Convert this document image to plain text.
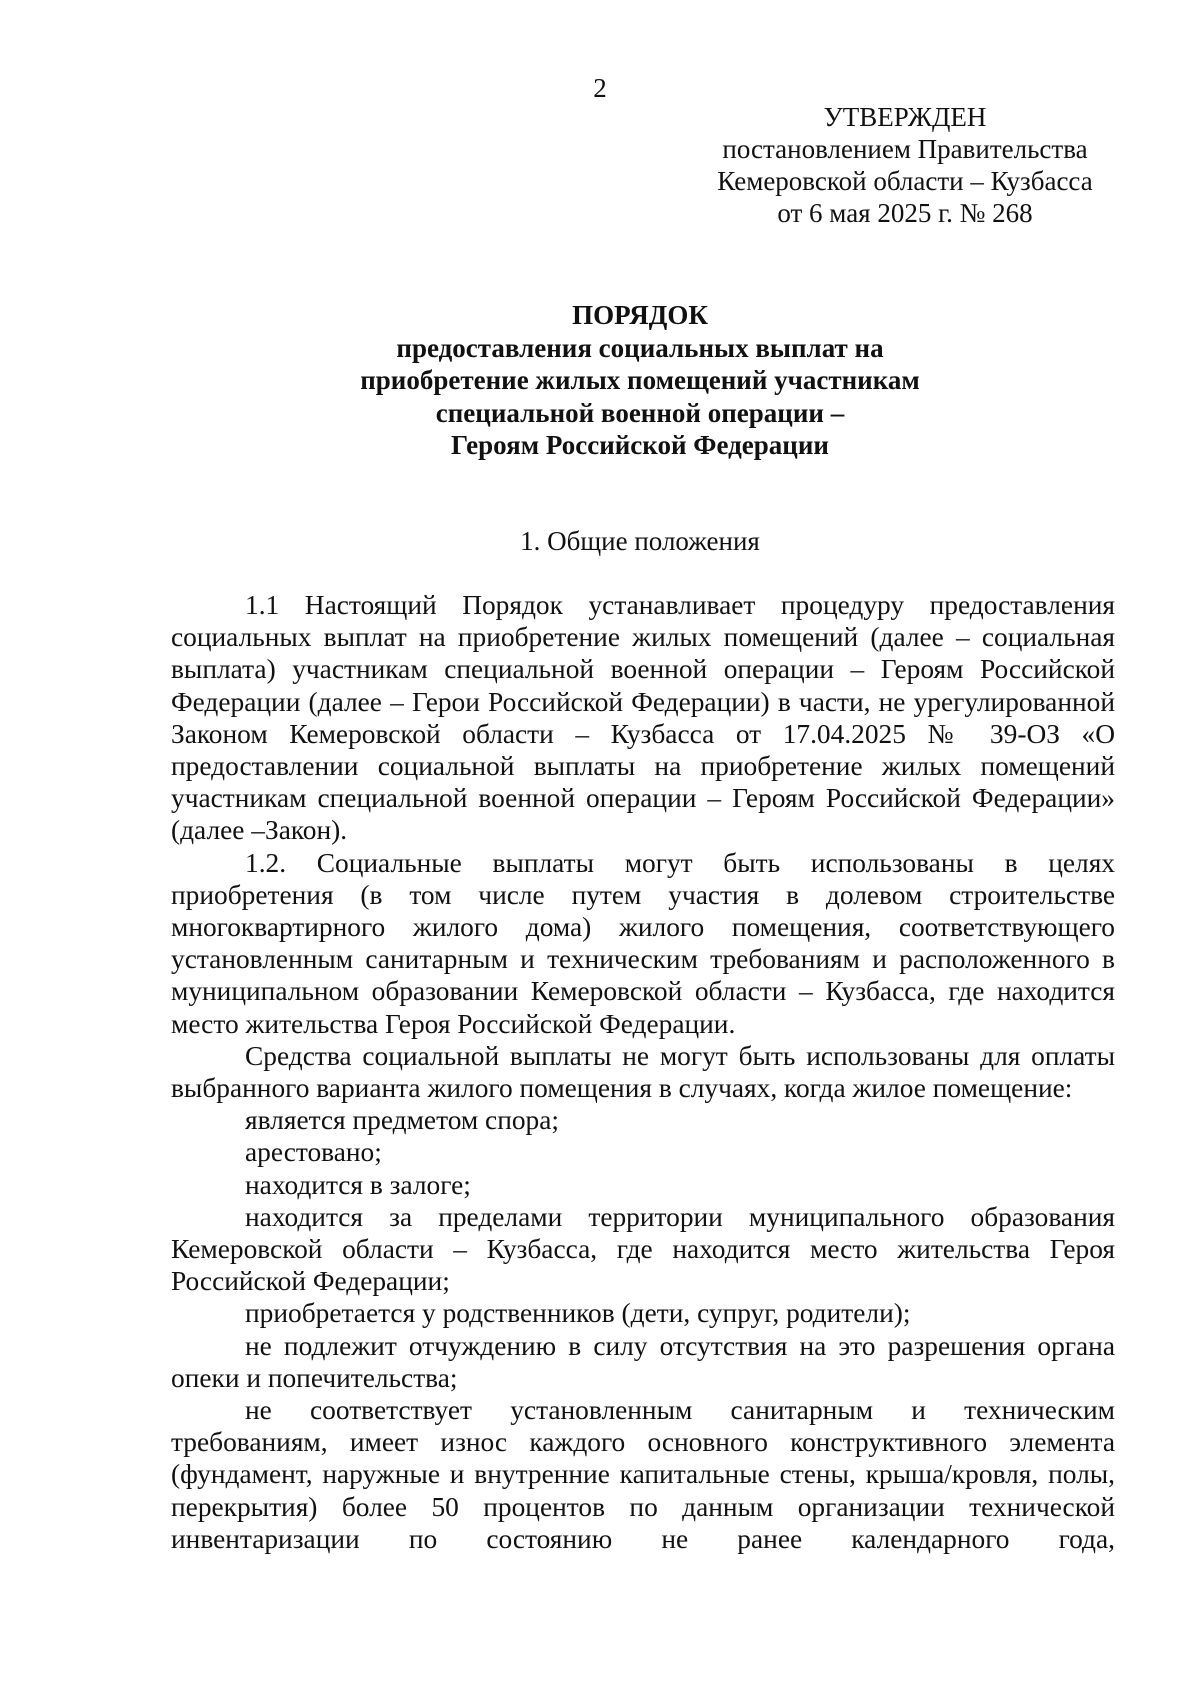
2
УТВЕРЖДЕН
постановлением Правительства
Кемеровской области – Кузбасса
от 6 мая 2025 г. № 268
ПОРЯДОК
предоставления социальных выплат на
приобретение жилых помещений участникам
специальной военной операции –
Героям Российской Федерации
1. Общие положения

1.1 Настоящий Порядок устанавливает процедуру предоставления социальных выплат на приобретение жилых помещений (далее – социальная выплата) участникам специальной военной операции – Героям Российской Федерации (далее – Герои Российской Федерации) в части, не урегулированной Законом Кемеровской области – Кузбасса от 17.04.2025 № 39-ОЗ «О предоставлении социальной выплаты на приобретение жилых помещений участникам специальной военной операции – Героям Российской Федерации» (далее –Закон).

1.2. Социальные выплаты могут быть использованы в целях приобретения (в том числе путем участия в долевом строительстве многоквартирного жилого дома) жилого помещения, соответствующего установленным санитарным и техническим требованиям и расположенного в муниципальном образовании Кемеровской области – Кузбасса, где находится место жительства Героя Российской Федерации.

Средства социальной выплаты не могут быть использованы для оплаты выбранного варианта жилого помещения в случаях, когда жилое помещение:

является предметом спора;

арестовано;

находится в залоге;

находится за пределами территории муниципального образования Кемеровской области – Кузбасса, где находится место жительства Героя Российской Федерации;

приобретается у родственников (дети, супруг, родители);

не подлежит отчуждению в силу отсутствия на это разрешения органа опеки и попечительства;

не соответствует установленным санитарным и техническим требованиям, имеет износ каждого основного конструктивного элемента (фундамент, наружные и внутренние капитальные стены, крыша/кровля, полы, перекрытия) более 50 процентов по данным организации технической инвентаризации по состоянию не ранее календарного года,
